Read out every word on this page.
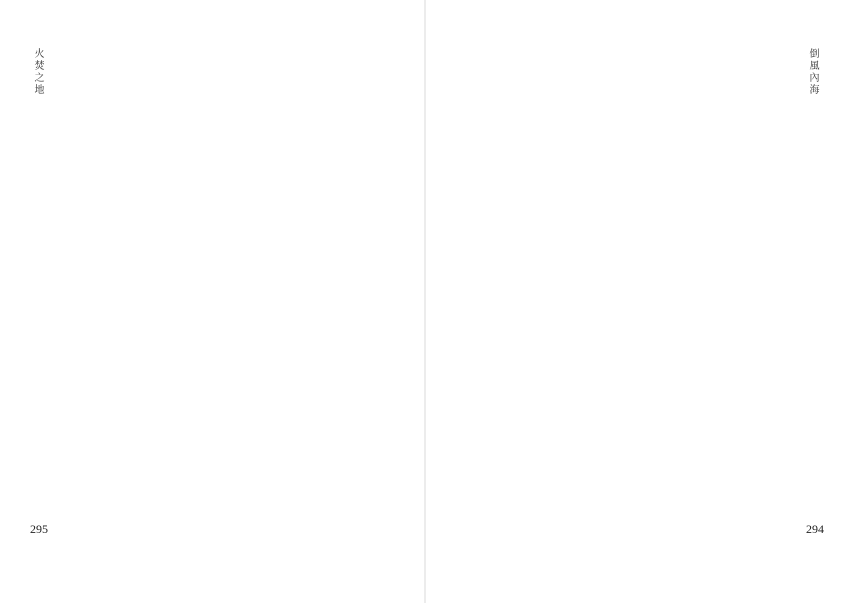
火焚之地
295
倒風內海
294
